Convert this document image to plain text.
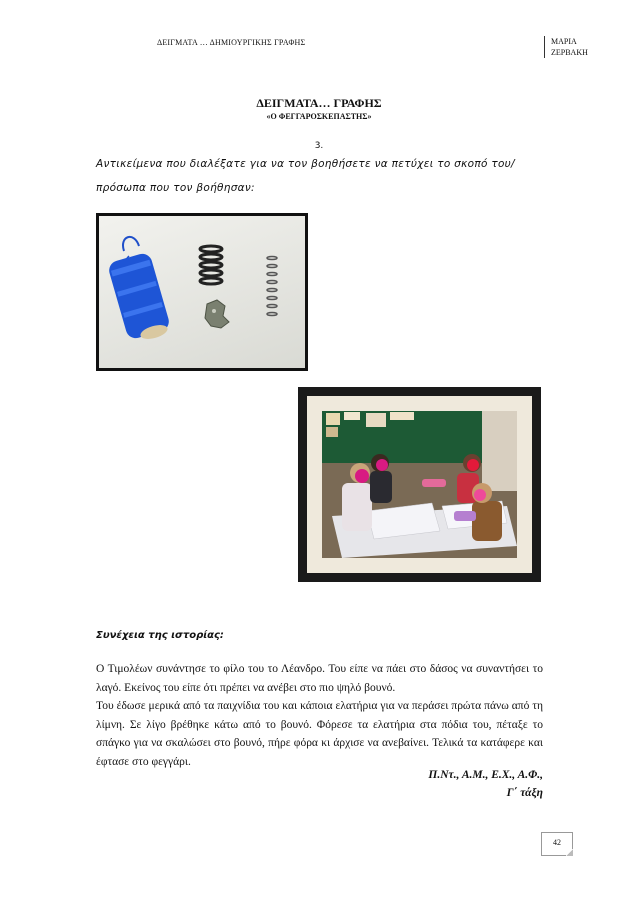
ΔΕΙΓΜΑΤΑ … ΔΗΜΙΟΥΡΓΙΚΗΣ ΓΡΑΦΗΣ	ΜΑΡΙΑ
ΖΕΡΒΑΚΗ
ΔΕΙΓΜΑΤΑ… ΓΡΑΦΗΣ
«Ο ΦΕΓΓΑΡΟΣΚΕΠΑΣΤΗΣ»
3.
Αντικείμενα που διαλέξατε για να τον βοηθήσετε να πετύχει το σκοπό του/ πρόσωπα που τον βοήθησαν:
Συνέχεια της ιστορίας:

Ο Τιμολέων συνάντησε το φίλο του το Λέανδρο. Του είπε να πάει στο δάσος να συναντήσει το λαγό. Εκείνος του είπε ότι πρέπει να ανέβει στο πιο ψηλό βουνό.

Του έδωσε μερικά από τα παιχνίδια του και κάποια ελατήρια για να περάσει πρώτα πάνω από τη λίμνη. Σε λίγο βρέθηκε κάτω από το βουνό. Φόρεσε τα ελατήρια στα πόδια του, πέταξε το σπάγκο για να σκαλώσει στο βουνό, πήρε φόρα κι άρχισε να ανεβαίνει. Τελικά τα κατάφερε και έφτασε στο φεγγάρι.

Π.Ντ., Α.Μ., Ε.Χ., Α.Φ.,
Γ΄ τάξη
42
